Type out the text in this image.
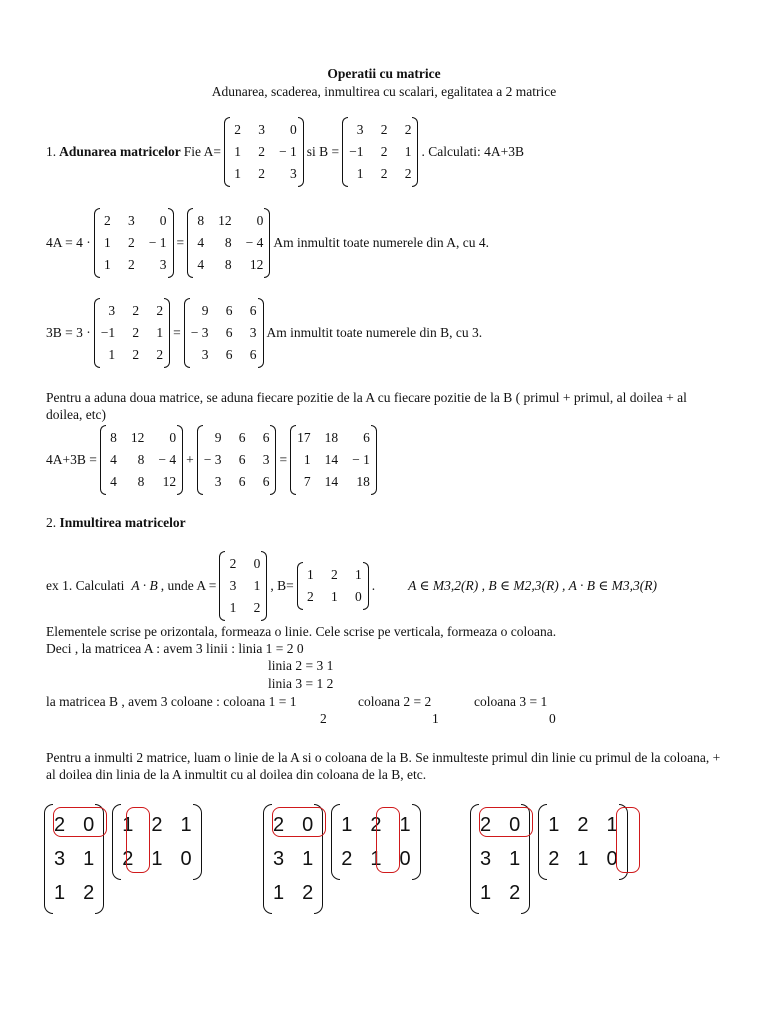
Operatii cu matrice
Adunarea, scaderea, inmultirea cu scalari, egalitatea a 2 matrice
1. Adunarea matricelor Fie A=
2 3	0
1 2 − 1
1 2	3
si B =
3 2 2
−1 2 1
1 2 2
. Calculati: 4A+3B
4A = 4 ·
2 3	0
1 2 − 1
1 2	3
=
8 12	0
4	8 − 4
4	8	12
Am inmultit toate numerele din A, cu 4.
3B = 3 ·
3 2 2
−1 2 1
1 2 2
=
9 6 6
− 3 6 3
3 6 6
Am inmultit toate numerele din B, cu 3.
Pentru a aduna doua matrice, se aduna fiecare pozitie de la A cu fiecare pozitie de la B ( primul + primul, al doilea + al doilea, etc)
4A+3B =
8 12	0
4	8 − 4
4	8	12
+
9 6 6
− 3 6 3
3 6 6
=
17 18	6
1 14 − 1
7 14	18
2. Inmultirea matricelor
ex 1. Calculati A · B , unde A =
2 0
3 1
1 2
, B=
1 2 1
2 1 0
. A ∈ M3,2(R) , B ∈ M2,3(R) , A · B ∈ M3,3(R)
Elementele scrise pe orizontala, formeaza o linie. Cele scrise pe verticala, formeaza o coloana.
Deci , la matricea A : avem 3 linii : linia 1 = 2 0
linia 2 = 3 1
linia 3 = 1 2
la matricea B , avem 3 coloane : coloana 1 = 1	coloana 2 = 2	coloana 3 = 1
2	1	0
Pentru a inmulti 2 matrice, luam o linie de la A si o coloana de la B. Se inmulteste primul din linie cu primul de la coloana, + al doilea din linia de la A inmultit cu al doilea din coloana de la B, etc.
2 0
3 1
1 2
1 2 1
2 1 0
2 0
3 1
1 2
1 2 1
2 1 0
2 0
3 1
1 2
1 2 1
2 1 0
